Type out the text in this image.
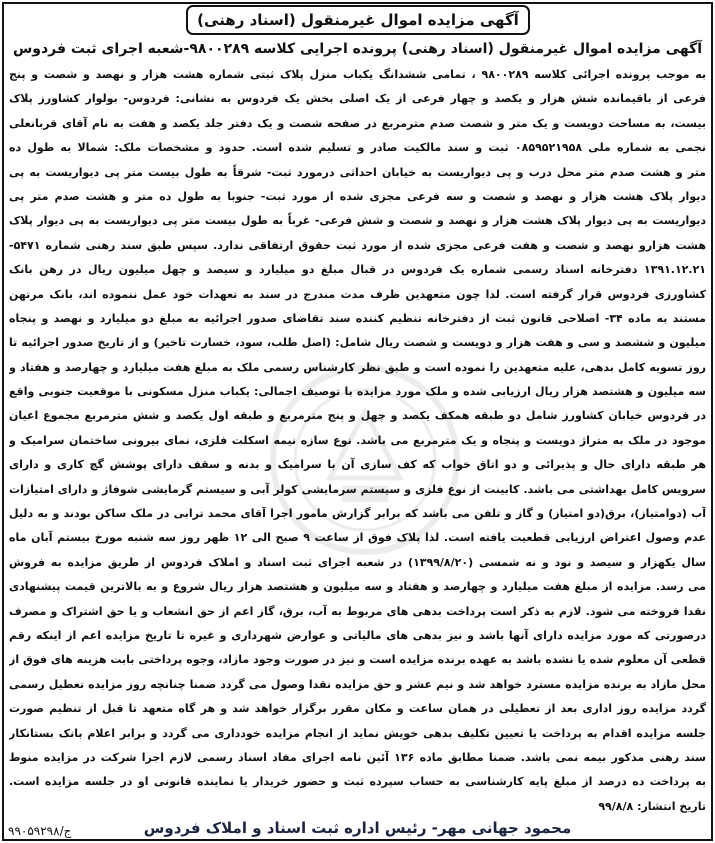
آگهی مزایده اموال غیرمنقول (اسناد رهنی)
آگهی مزایده اموال غیرمنقول (اسناد رهنی) پرونده اجرایی کلاسه ۹۸۰۰۲۸۹-شعبه اجرای ثبت فردوس
به موجب پرونده اجرائی کلاسه ۹۸۰۰۲۸۹ ، تمامی ششدانگ یکباب منزل پلاک ثبتی شماره هشت هزار و نهصد و شصت و پنج
فرعی از باقیمانده شش هزار و یکصد و چهار فرعی از یک اصلی بخش یک فردوس به نشانی: فردوس- بولوار کشاورز پلاک
بیست، به مساحت دویست و یک متر و شصت صدم مترمربع در صفحه شصت و یک دفتر جلد یکصد و هفت به نام آقای قربانعلی
نجمی به شماره ملی ۰۸۵۹۵۲۱۹۵۸ ثبت و سند مالکیت صادر و تسلیم شده است. حدود و مشخصات ملک: شمالا به طول ده
متر و هشت صدم متر محل درب و پی دیواریست به خیابان احداثی درمورد ثبت- شرقاً به طول بیست متر پی دیواریست به پی
دیوار پلاک هشت هزار و نهصد و شصت و سه فرعی مجزی شده از مورد ثبت- جنوبا به طول ده متر و هشت صدم متر پی
دیواریست به پی دیوار پلاک هشت هزار و نهصد و شصت و شش فرعی- غرباً به طول بیست متر پی دیواریست به پی دیوار پلاک
هشت هزارو نهصد و شصت و هفت فرعی مجزی شده از مورد ثبت حقوق ارتفاقی ندارد. سپس طبق سند رهنی شماره ۵۴۷۱-
۱۳۹۱.۱۲.۲۱ دفترخانه اسناد رسمی شماره یک فردوس در قبال مبلغ دو میلیارد و سیصد و چهل میلیون ریال در رهن بانک
کشاورزی فردوس قرار گرفته است. لذا چون متعهدین ظرف مدت مندرج در سند به تعهدات خود عمل ننموده اند، بانک مرتهن
مستند به ماده ۳۴- اصلاحی قانون ثبت از دفترخانه تنظیم کننده سند تقاضای صدور اجرائیه به مبلغ دو میلیارد و نهصد و پنجاه
میلیون و ششصد و سی و هفت هزار و دویست و شصت ریال شامل: (اصل طلب، سود، خسارت تاخیر) و از تاریخ صدور اجرائیه تا
روز تسویه کامل بدهی، علیه متعهدین را نموده است و طبق نظر کارشناس رسمی ملک به مبلغ هفت میلیارد و چهارصد و هفتاد و
سه میلیون و هشتصد هزار ریال ارزیابی شده و ملک مورد مزایده با توصیف اجمالی: یکباب منزل مسکونی با موقعیت جنوبی واقع
در فردوس خیابان کشاورز شامل دو طبقه همکف یکصد و چهل و پنج مترمربع و طبقه اول یکصد و شش مترمربع مجموع اعیان
موجود در ملک به متراژ دویست و پنجاه و یک مترمربع می باشد. نوع سازه نیمه اسکلت فلزی، نمای بیرونی ساختمان سرامیک و
هر طبقه دارای حال و پذیرائی و دو اتاق خواب که کف سازی آن با سرامیک و بدنه و سقف دارای پوشش گچ کاری و دارای
سرویس کامل بهداشتی می باشد. کابینت از نوع فلزی و سیستم سرمایشی کولر آبی و سیستم گرمایشی شوفاژ و دارای امتیازات
آب (دوامتیاز)، برق(دو امتیاز) و گاز و تلفن می باشد که برابر گزارش مامور اجرا آقای محمد ترابی در ملک ساکن بودند و به دلیل
عدم وصول اعتراض ارزیابی قطعیت یافته است. لذا پلاک فوق از ساعت ۹ صبح الی ۱۲ ظهر روز سه شنبه مورخ بیستم آبان ماه
سال یکهزار و سیصد و نود و نه شمسی (۱۳۹۹/۸/۲۰) در شعبه اجرای ثبت اسناد و املاک فردوس از طریق مزایده به فروش
می رسد. مزایده از مبلغ هفت میلیارد و چهارصد و هفتاد و سه میلیون و هشتصد هزار ریال شروع و به بالاترین قیمت پیشنهادی
نقدا فروخته می شود. لازم به ذکر است پرداخت بدهی های مربوط به آب، برق، گاز اعم از حق انشعاب و یا حق اشتراک و مصرف
درصورتی که مورد مزایده دارای آنها باشد و نیز بدهی های مالیاتی و عوارض شهرداری و غیره تا تاریخ مزایده اعم از اینکه رقم
قطعی آن معلوم شده یا نشده باشد به عهده برنده مزایده است و نیز در صورت وجود مازاد، وجوه پرداختی بابت هزینه های فوق از
محل مازاد به برنده مزایده مسترد خواهد شد و نیم عشر و حق مزایده نقدا وصول می گردد ضمنا چنانچه روز مزایده تعطیل رسمی
گردد مزایده روز اداری بعد از تعطیلی در همان ساعت و مکان مقرر برگزار خواهد شد و هر گاه متعهد تا قبل از تنظیم صورت
جلسه مزایده اقدام به پرداخت یا تعیین تکلیف بدهی خویش نماید از انجام مزایده خودداری می گردد و برابر اعلام بانک بستانکار
سند رهنی مذکور بیمه نمی باشد. ضمنا مطابق ماده ۱۳۶ آئین نامه اجرای مفاد اسناد رسمی لازم اجرا شرکت در مزایده منوط
به پرداخت ده درصد از مبلغ پایه کارشناسی به حساب سپرده ثبت و حضور خریدار یا نماینده قانونی او در جلسه مزایده است.
تاریخ انتشار: ۹۹/۸/۸
محمود جهانی مهر- رئیس اداره ثبت اسناد و املاک فردوس
ج/۹۹۰۵۹۲۹۸
